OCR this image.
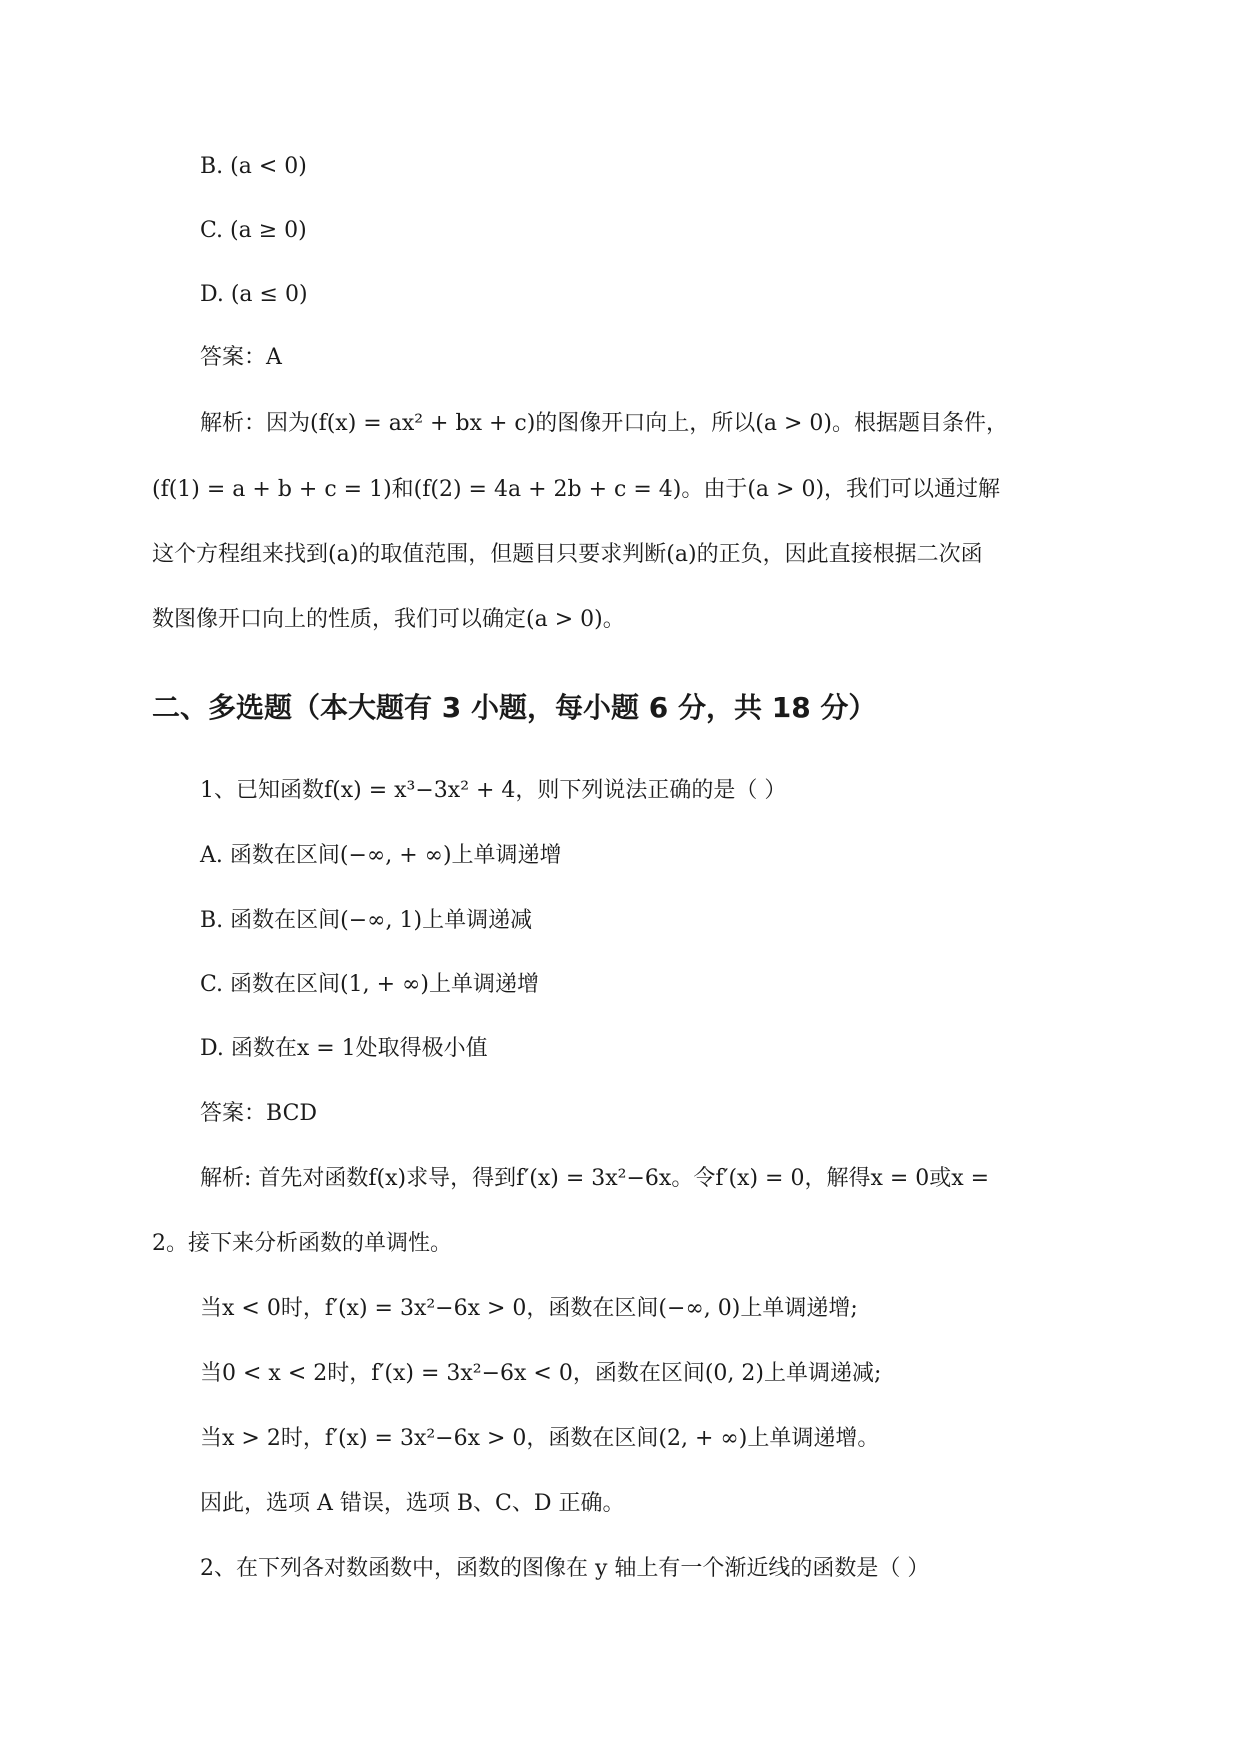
B. (a < 0)
C. (a ≥ 0)
D. (a ≤ 0)
答案：A
解析：因为(f(x) = ax² + bx + c)的图像开口向上，所以(a > 0)。根据题目条件，
(f(1) = a + b + c = 1)和(f(2) = 4a + 2b + c = 4)。由于(a > 0)，我们可以通过解
这个方程组来找到(a)的取值范围，但题目只要求判断(a)的正负，因此直接根据二次函
数图像开口向上的性质，我们可以确定(a > 0)。
二、多选题（本大题有 3 小题，每小题 6 分，共 18 分）
1、已知函数f(x) = x³−3x² + 4，则下列说法正确的是（ ）
A. 函数在区间(−∞, + ∞)上单调递增
B. 函数在区间(−∞, 1)上单调递减
C. 函数在区间(1, + ∞)上单调递增
D. 函数在x = 1处取得极小值
答案：BCD
解析: 首先对函数f(x)求导，得到f′(x) = 3x²−6x。令f′(x) = 0，解得x = 0或x =
2。接下来分析函数的单调性。
当x < 0时，f′(x) = 3x²−6x > 0，函数在区间(−∞, 0)上单调递增;
当0 < x < 2时，f′(x) = 3x²−6x < 0，函数在区间(0, 2)上单调递减;
当x > 2时，f′(x) = 3x²−6x > 0，函数在区间(2, + ∞)上单调递增。
因此，选项 A 错误，选项 B、C、D 正确。
2、在下列各对数函数中，函数的图像在 y 轴上有一个渐近线的函数是（ ）
